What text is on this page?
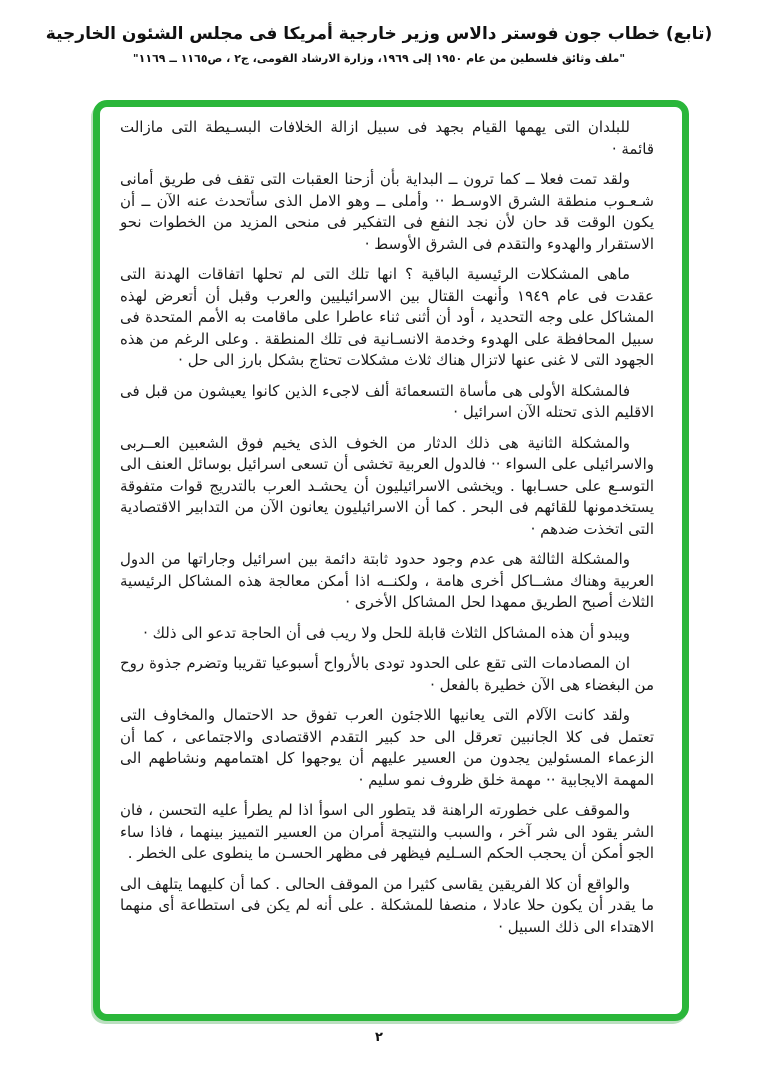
(تابع) خطاب جون فوستر دالاس وزير خارجية أمريكا فى مجلس الشئون الخارجية
"ملف وثائق فلسطين من عام ١٩٥٠ إلى ١٩٦٩، وزارة الارشاد القومى، ج٢ ، ص١١٦٥ ــ ١١٦٩"

للبلدان التى يهمها القيام بجهد فى سبيل ازالة الخلافات البسـيطة التى مازالت قائمة ·

ولقد تمت فعلا ــ كما ترون ــ البداية بأن أزحنا العقبات التى تقف فى طريق أمانى شـعـوب منطقة الشرق الاوسـط ·· وأملى ــ وهو الامل الذى سأتحدث عنه الآن ــ أن يكون الوقت قد حان لأن نجد النفع فى التفكير فى منحى المزيد من الخطوات نحو الاستقرار والهدوء والتقدم فى الشرق الأوسط ·

ماهى المشكلات الرئيسية الباقية ؟ انها تلك التى لم تحلها اتفاقات الهدنة التى عقدت فى عام ١٩٤٩ وأنهت القتال بين الاسرائيليين والعرب وقبل أن أتعرض لهذه المشاكل على وجه التحديد ، أود أن أثنى ثناء عاطرا على ماقامت به الأمم المتحدة فى سبيل المحافظة على الهدوء وخدمة الانسـانية فى تلك المنطقة . وعلى الرغم من هذه الجهود التى لا غنى عنها لاتزال هناك ثلاث مشكلات تحتاج بشكل بارز الى حل ·

فالمشكلة الأولى هى مأساة التسعمائة ألف لاجىء الذين كانوا يعيشون من قبل فى الاقليم الذى تحتله الآن اسرائيل ·

والمشكلة الثانية هى ذلك الدثار من الخوف الذى يخيم فوق الشعبين العــربى والاسرائيلى على السواء ·· فالدول العربية تخشى أن تسعى اسرائيل بوسائل العنف الى التوسـع على حسـابها . ويخشى الاسرائيليون أن يحشـد العرب بالتدريج قوات متفوقة يستخدمونها للقائهم فى البحر . كما أن الاسرائيليون يعانون الآن من التدابير الاقتصادية التى اتخذت ضدهم ·

والمشكلة الثالثة هى عدم وجود حدود ثابتة دائمة بين اسرائيل وجاراتها من الدول العربية وهناك مشــاكل أخرى هامة ، ولكنــه اذا أمكن معالجة هذه المشاكل الرئيسية الثلاث أصبح الطريق ممهدا لحل المشاكل الأخرى ·

ويبدو أن هذه المشاكل الثلاث قابلة للحل ولا ريب فى أن الحاجة تدعو الى ذلك ·

ان المصادمات التى تقع على الحدود تودى بالأرواح أسبوعيا تقريبا وتضرم جذوة روح من البغضاء هى الآن خطيرة بالفعل ·

ولقد كانت الآلام التى يعانيها اللاجئون العرب تفوق حد الاحتمال والمخاوف التى تعتمل فى كلا الجانبين تعرقل الى حد كبير التقدم الاقتصادى والاجتماعى ، كما أن الزعماء المسئولين يجدون من العسير عليهم أن يوجهوا كل اهتمامهم ونشاطهم الى المهمة الايجابية ·· مهمة خلق ظروف نمو سليم ·

والموقف على خطورته الراهنة قد يتطور الى اسوأ اذا لم يطرأ عليه التحسن ، فان الشر يقود الى شر آخر ، والسبب والنتيجة أمران من العسير التمييز بينهما ، فاذا ساء الجو أمكن أن يحجب الحكم السـليم فيظهر فى مظهر الحسـن ما ينطوى على الخطر .

والواقع أن كلا الفريقين يقاسى كثيرا من الموقف الحالى . كما أن كليهما يتلهف الى ما يقدر أن يكون حلا عادلا ، منصفا للمشكلة . على أنه لم يكن فى استطاعة أى منهما الاهتداء الى ذلك السبيل ·

٢
